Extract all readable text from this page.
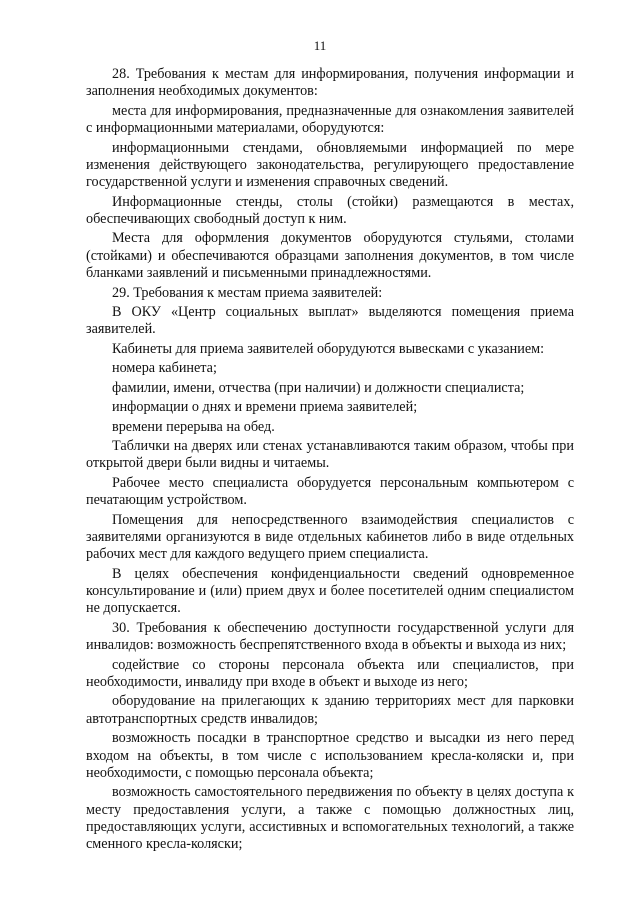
11

28. Требования к местам для информирования, получения информации и заполнения необходимых документов:

места для информирования, предназначенные для ознакомления заявителей с информационными материалами, оборудуются:

информационными стендами, обновляемыми информацией по мере изменения действующего законодательства, регулирующего предоставление государственной услуги и изменения справочных сведений.

Информационные стенды, столы (стойки) размещаются в местах, обеспечивающих свободный доступ к ним.

Места для оформления документов оборудуются стульями, столами (стойками) и обеспечиваются образцами заполнения документов, в том числе бланками заявлений и письменными принадлежностями.

29. Требования к местам приема заявителей:

В ОКУ «Центр социальных выплат» выделяются помещения приема заявителей.

Кабинеты для приема заявителей оборудуются вывесками с указанием:

номера кабинета;

фамилии, имени, отчества (при наличии) и должности специалиста;

информации о днях и времени приема заявителей;

времени перерыва на обед.

Таблички на дверях или стенах устанавливаются таким образом, чтобы при открытой двери были видны и читаемы.

Рабочее место специалиста оборудуется персональным компьютером с печатающим устройством.

Помещения для непосредственного взаимодействия специалистов с заявителями организуются в виде отдельных кабинетов либо в виде отдельных рабочих мест для каждого ведущего прием специалиста.

В целях обеспечения конфиденциальности сведений одновременное консультирование и (или) прием двух и более посетителей одним специалистом не допускается.

30. Требования к обеспечению доступности государственной услуги для инвалидов: возможность беспрепятственного входа в объекты и выхода из них;

содействие со стороны персонала объекта или специалистов, при необходимости, инвалиду при входе в объект и выходе из него;

оборудование на прилегающих к зданию территориях мест для парковки автотранспортных средств инвалидов;

возможность посадки в транспортное средство и высадки из него перед входом на объекты, в том числе с использованием кресла-коляски и, при необходимости, с помощью персонала объекта;

возможность самостоятельного передвижения по объекту в целях доступа к месту предоставления услуги, а также с помощью должностных лиц, предоставляющих услуги, ассистивных и вспомогательных технологий, а также сменного кресла-коляски;
